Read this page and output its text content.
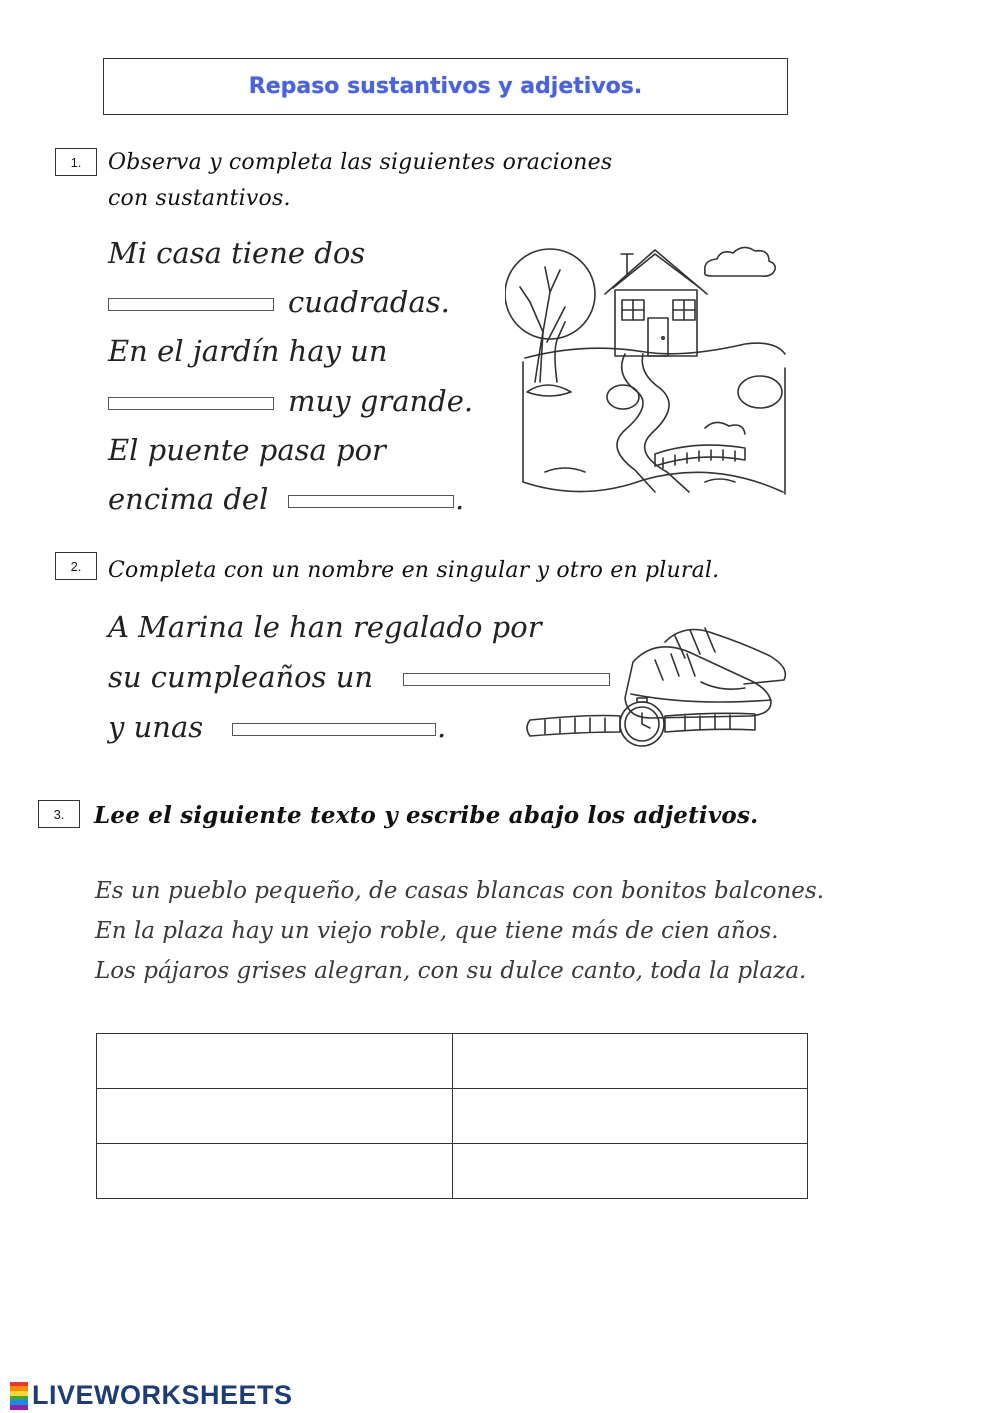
Repaso sustantivos y adjetivos.
1.	Observa y completa las siguientes oraciones
con sustantivos.
Mi casa tiene dos
cuadradas.
En el jardín hay un
muy grande.
El puente pasa por
encima del	.
2.	Completa con un nombre en singular y otro en plural.
A Marina le han regalado por
su cumpleaños un
y unas	.
3.	Lee el siguiente texto y escribe abajo los adjetivos.
Es un pueblo pequeño, de casas blancas con bonitos balcones.
En la plaza hay un viejo roble, que tiene más de cien años.
Los pájaros grises alegran, con su dulce canto, toda la plaza.

LIVEWORKSHEETS
